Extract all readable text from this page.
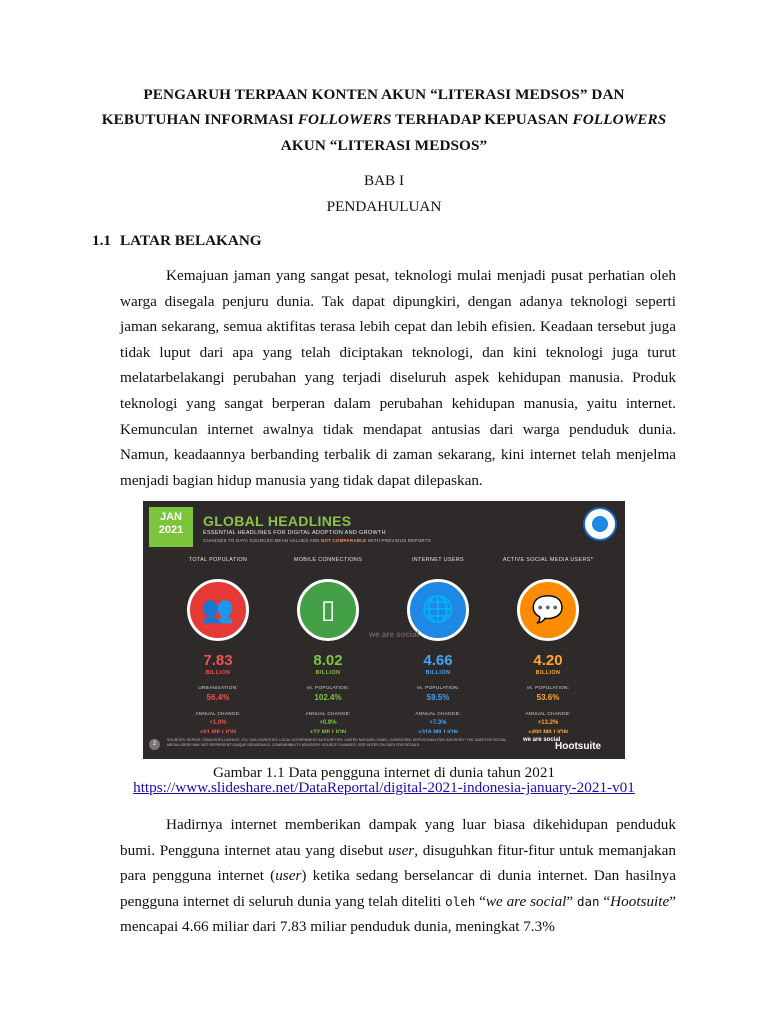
PENGARUH TERPAAN KONTEN AKUN “LITERASI MEDSOS” DAN
KEBUTUHAN INFORMASI FOLLOWERS TERHADAP KEPUASAN FOLLOWERS
AKUN “LITERASI MEDSOS”
BAB I
PENDAHULUAN
1.1 LATAR BELAKANG
Kemajuan jaman yang sangat pesat, teknologi mulai menjadi pusat perhatian oleh warga disegala penjuru dunia. Tak dapat dipungkiri, dengan adanya teknologi seperti jaman sekarang, semua aktifitas terasa lebih cepat dan lebih efisien. Keadaan tersebut juga tidak luput dari apa yang telah diciptakan teknologi, dan kini teknologi juga turut melatarbelakangi perubahan yang terjadi diseluruh aspek kehidupan manusia. Produk teknologi yang sangat berperan dalam perubahan kehidupan manusia, yaitu internet. Kemunculan internet awalnya tidak mendapat antusias dari warga penduduk dunia. Namun, keadaannya berbanding terbalik di zaman sekarang, kini internet telah menjelma menjadi bagian hidup manusia yang tidak dapat dilepaskan.
JAN
2021
GLOBAL HEADLINES
ESSENTIAL HEADLINES FOR DIGITAL ADOPTION AND GROWTH
CHANGES TO DATA SOURCES MEAN VALUES ARE NOT COMPARABLE WITH PREVIOUS REPORTS
TOTAL POPULATION
👥
7.83
BILLION
URBANISATION:
56.4%
ANNUAL CHANGE:
+1.0%
MOBILE CONNECTIONS
▯
8.02
BILLION
vs. POPULATION:
102.4%
ANNUAL CHANGE:
+0.9%
INTERNET USERS
🌐
4.66
BILLION
vs. POPULATION:
59.5%
ANNUAL CHANGE:
+7.3%
ACTIVE SOCIAL MEDIA USERS*
💬
4.20
BILLION
vs. POPULATION:
53.6%
ANNUAL CHANGE:
+13.2%
we are social
2
SOURCES: KEPIOS; GSMA INTELLIGENCE; ITU; GWI; EUROSTAT; LOCAL GOVERNMENT AUTHORITIES; UNITED NATIONS; CNNIC; COMSCORE; KEPIOS ANALYSIS. ADVISORY: THE DATA FOR SOCIAL MEDIA USERS MAY NOT REPRESENT UNIQUE INDIVIDUALS. COMPARABILITY ADVISORY: SOURCE CHANGES. SEE NOTES ON DATA FOR DETAILS.
we are social
Hootsuite
Gambar 1.1 Data pengguna internet di dunia tahun 2021
https://www.slideshare.net/DataReportal/digital-2021-indonesia-january-2021-v01
Hadirnya internet memberikan dampak yang luar biasa dikehidupan penduduk bumi. Pengguna internet atau yang disebut user, disuguhkan fitur-fitur untuk memanjakan para pengguna internet (user) ketika sedang berselancar di dunia internet. Dan hasilnya pengguna internet di seluruh dunia yang telah diteliti oleh “we are social” dan “Hootsuite” mencapai 4.66 miliar dari 7.83 miliar penduduk dunia, meningkat 7.3%
